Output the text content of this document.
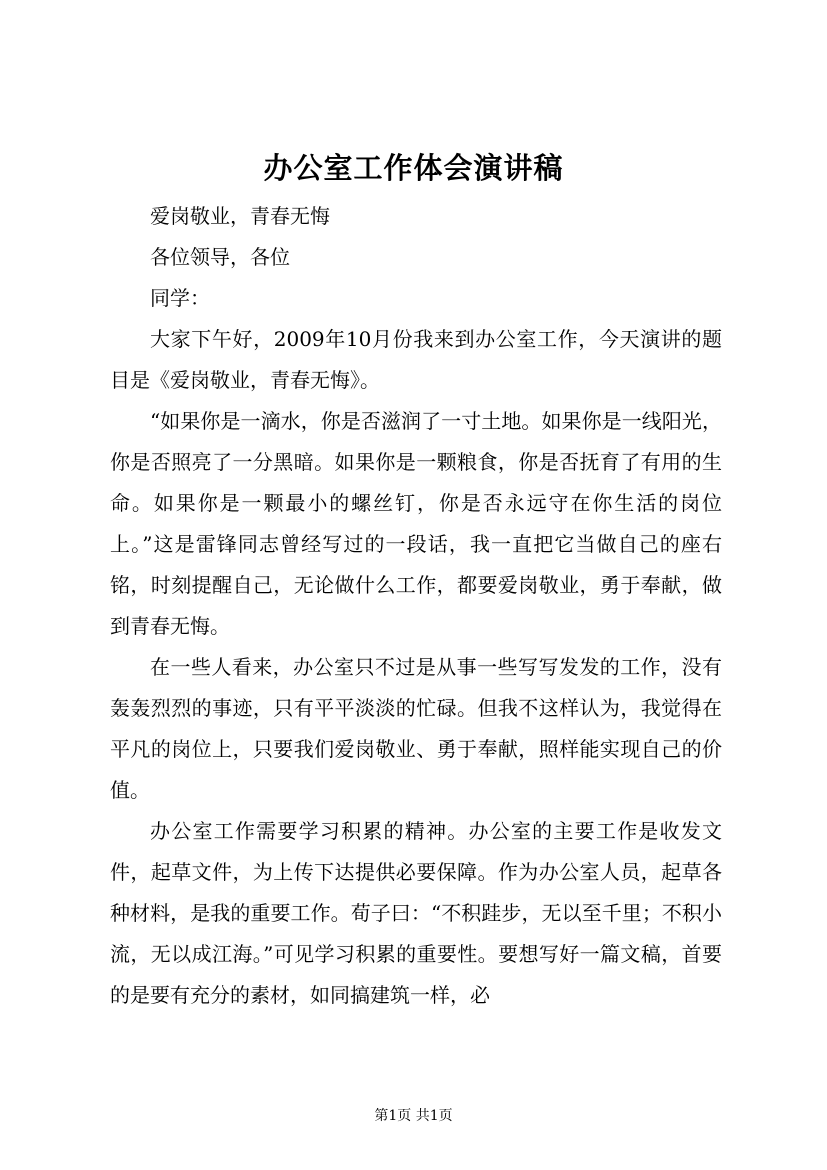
办公室工作体会演讲稿

爱岗敬业，青春无悔

各位领导，各位

同学：

大家下午好，2009年10月份我来到办公室工作，今天演讲的题目是《爱岗敬业，青春无悔》。

“如果你是一滴水，你是否滋润了一寸土地。如果你是一线阳光，你是否照亮了一分黑暗。如果你是一颗粮食，你是否抚育了有用的生命。如果你是一颗最小的螺丝钉，你是否永远守在你生活的岗位上。”这是雷锋同志曾经写过的一段话，我一直把它当做自己的座右铭，时刻提醒自己，无论做什么工作，都要爱岗敬业，勇于奉献，做到青春无悔。

在一些人看来，办公室只不过是从事一些写写发发的工作，没有轰轰烈烈的事迹，只有平平淡淡的忙碌。但我不这样认为，我觉得在平凡的岗位上，只要我们爱岗敬业、勇于奉献，照样能实现自己的价值。

办公室工作需要学习积累的精神。办公室的主要工作是收发文件，起草文件，为上传下达提供必要保障。作为办公室人员，起草各种材料，是我的重要工作。荀子曰：“不积跬步，无以至千里；不积小流，无以成江海。”可见学习积累的重要性。要想写好一篇文稿，首要的是要有充分的素材，如同搞建筑一样，必

第1页 共1页
